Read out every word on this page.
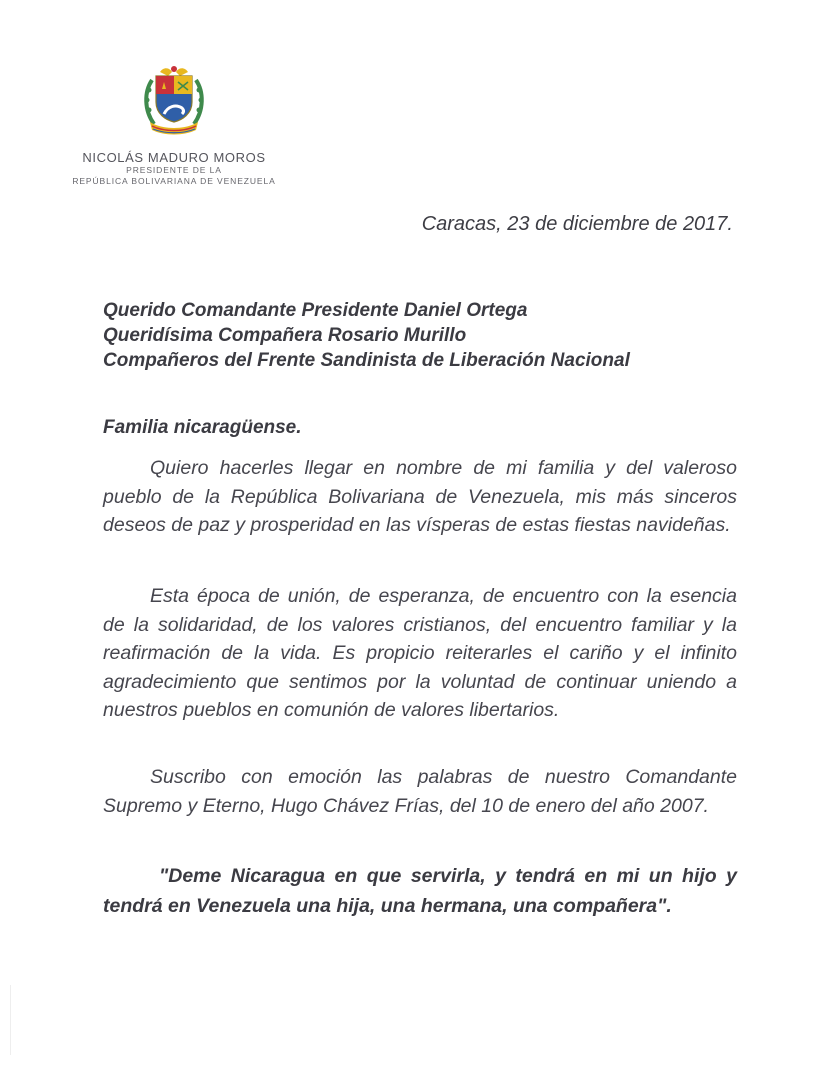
NICOLÁS MADURO MOROS
PRESIDENTE DE LA
REPÚBLICA BOLIVARIANA DE VENEZUELA
Caracas, 23 de diciembre de 2017.
Querido Comandante Presidente Daniel Ortega
Queridísima Compañera Rosario Murillo
Compañeros del Frente Sandinista de Liberación Nacional
Familia nicaragüense.
Quiero hacerles llegar en nombre de mi familia y del valeroso pueblo de la República Bolivariana de Venezuela, mis más sinceros deseos de paz y prosperidad en las vísperas de estas fiestas navideñas.
Esta época de unión, de esperanza, de encuentro con la esencia de la solidaridad, de los valores cristianos, del encuentro familiar y la reafirmación de la vida. Es propicio reiterarles el cariño y el infinito agradecimiento que sentimos por la voluntad de continuar uniendo a nuestros pueblos en comunión de valores libertarios.
Suscribo con emoción las palabras de nuestro Comandante Supremo y Eterno, Hugo Chávez Frías, del 10 de enero del año 2007.
"Deme Nicaragua en que servirla, y tendrá en mi un hijo y tendrá en Venezuela una hija, una hermana, una compañera".
